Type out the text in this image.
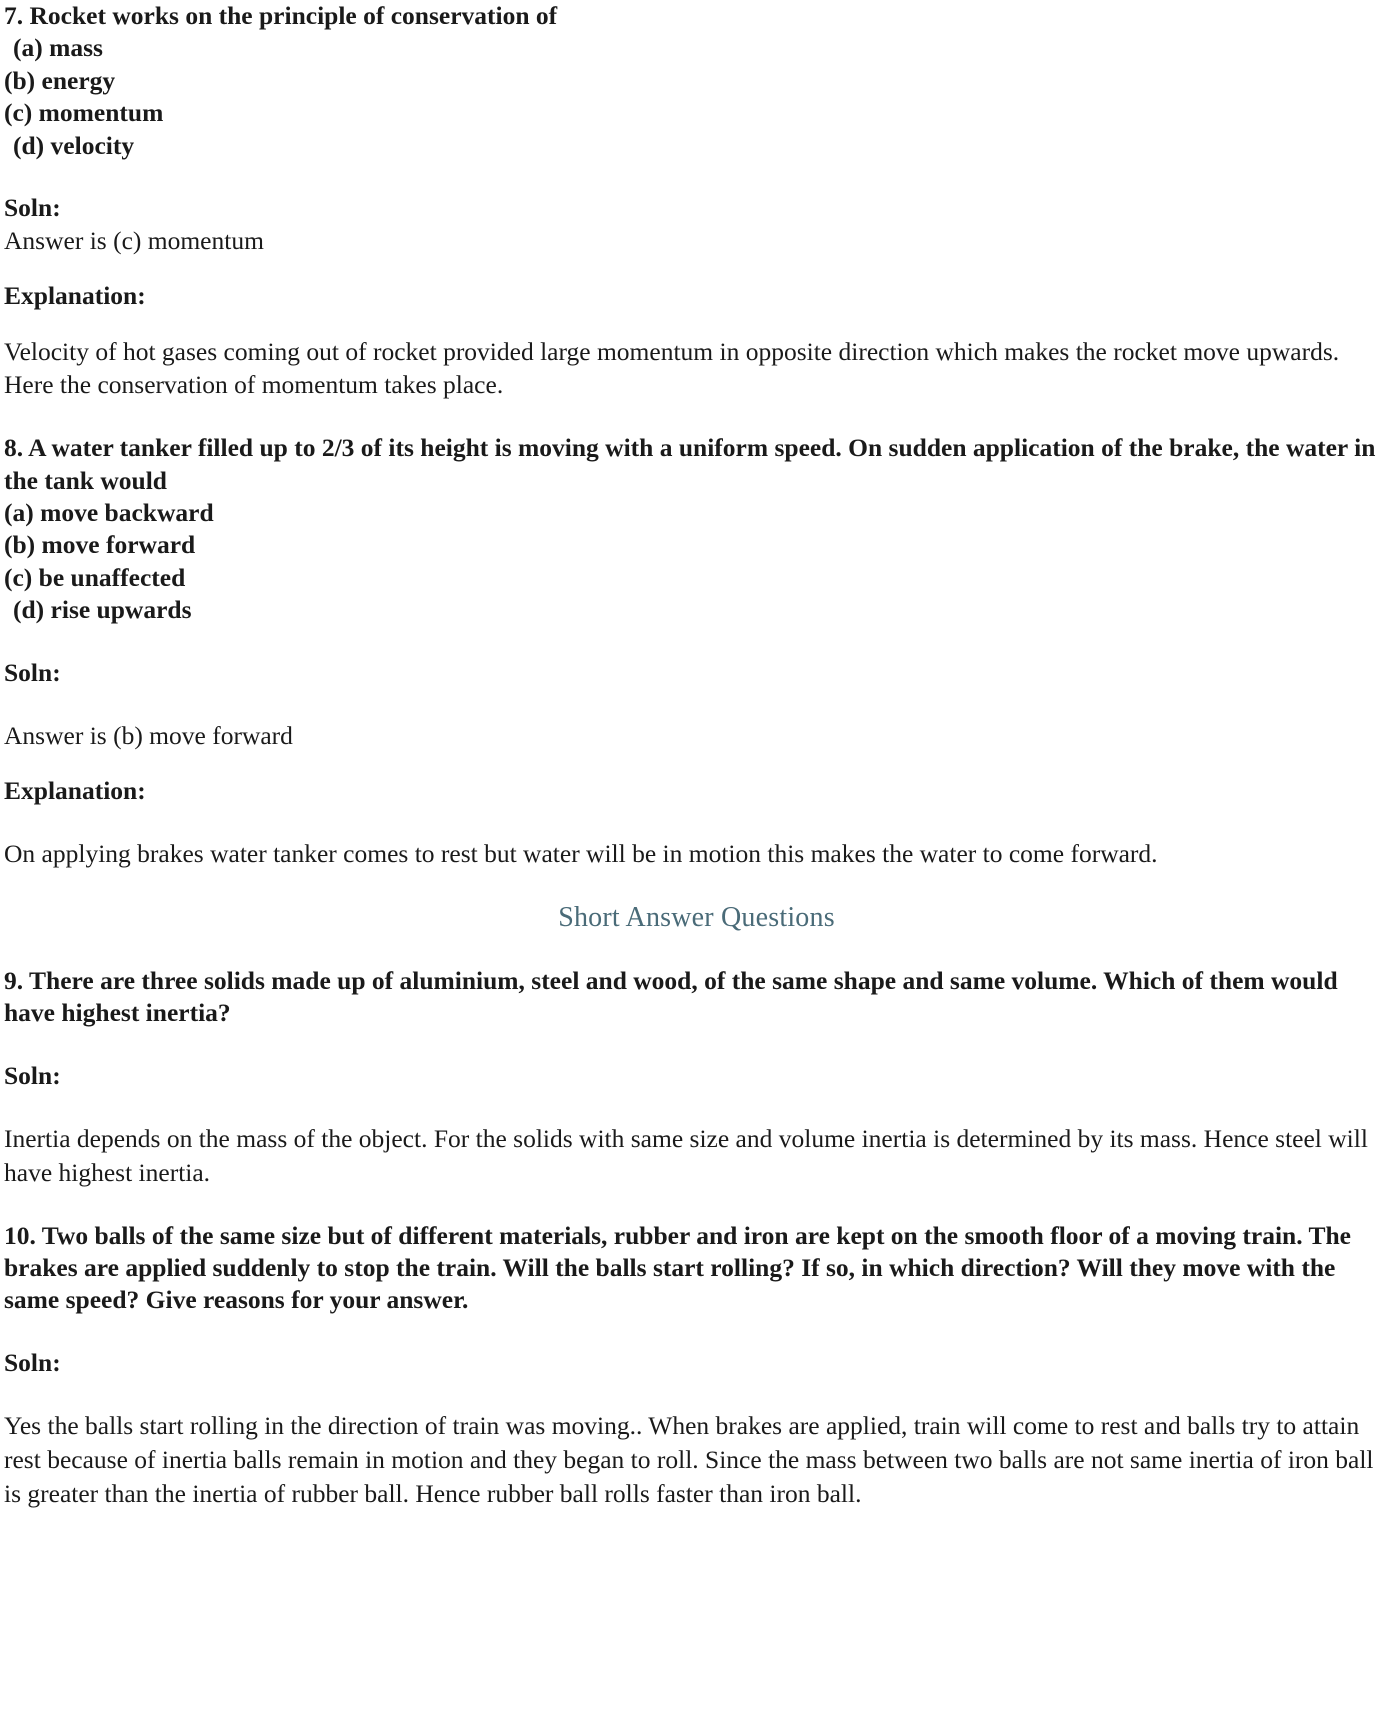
7. Rocket works on the principle of conservation of

(a) mass

(b) energy

(c) momentum

(d) velocity

Soln:

Answer is (c) momentum

Explanation:

Velocity of hot gases coming out of rocket provided large momentum in opposite direction which makes the rocket move upwards. Here the conservation of momentum takes place.

8. A water tanker filled up to 2/3 of its height is moving with a uniform speed. On sudden application of the brake, the water in the tank would

(a) move backward

(b) move forward

(c) be unaffected

(d) rise upwards

Soln:

Answer is (b) move forward

Explanation:

On applying brakes water tanker comes to rest but water will be in motion this makes the water to come forward.

Short Answer Questions

9. There are three solids made up of aluminium, steel and wood, of the same shape and same volume. Which of them would have highest inertia?

Soln:

Inertia depends on the mass of the object. For the solids with same size and volume inertia is determined by its mass. Hence steel will have highest inertia.

10. Two balls of the same size but of different materials, rubber and iron are kept on the smooth floor of a moving train. The brakes are applied suddenly to stop the train. Will the balls start rolling? If so, in which direction? Will they move with the same speed? Give reasons for your answer.

Soln:

Yes the balls start rolling in the direction of train was moving.. When brakes are applied, train will come to rest and balls try to attain rest because of inertia balls remain in motion and they began to roll. Since the mass between two balls are not same inertia of iron ball is greater than the inertia of rubber ball. Hence rubber ball rolls faster than iron ball.
